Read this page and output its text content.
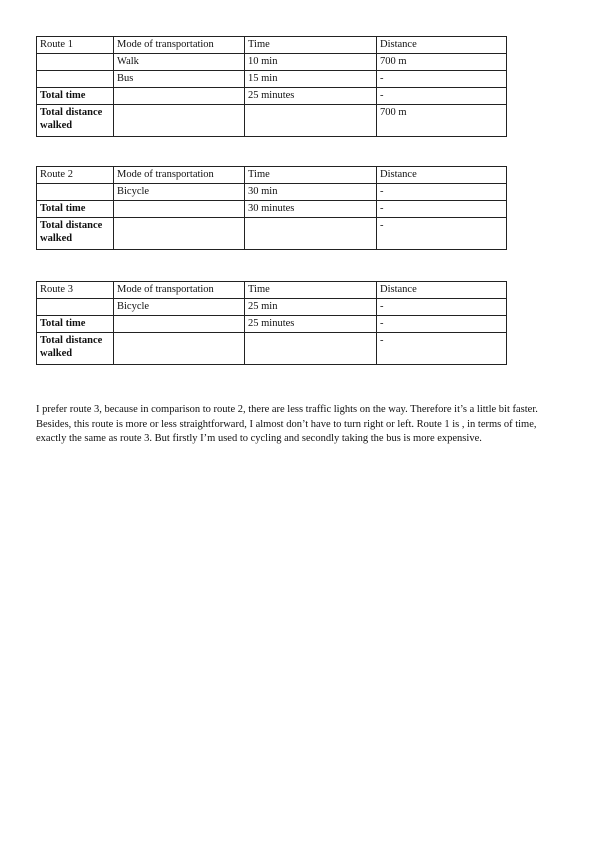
Route 1	Mode of transportation	Time	Distance
	Walk	10 min	700 m
	Bus	15 min	-
Total time		25 minutes	-
Total distance walked			700 m
Route 2	Mode of transportation	Time	Distance
	Bicycle	30 min	-
Total time		30 minutes	-
Total distance walked			-
Route 3	Mode of transportation	Time	Distance
	Bicycle	25 min	-
Total time		25 minutes	-
Total distance walked			-

I prefer route 3, because in comparison to route 2, there are less traffic lights on the way. Therefore it’s a little bit faster. Besides, this route is more or less straightforward, I almost don’t have to turn right or left. Route 1 is , in terms of time, exactly the same as route 3. But firstly I’m used to cycling and secondly taking the bus is more expensive.
